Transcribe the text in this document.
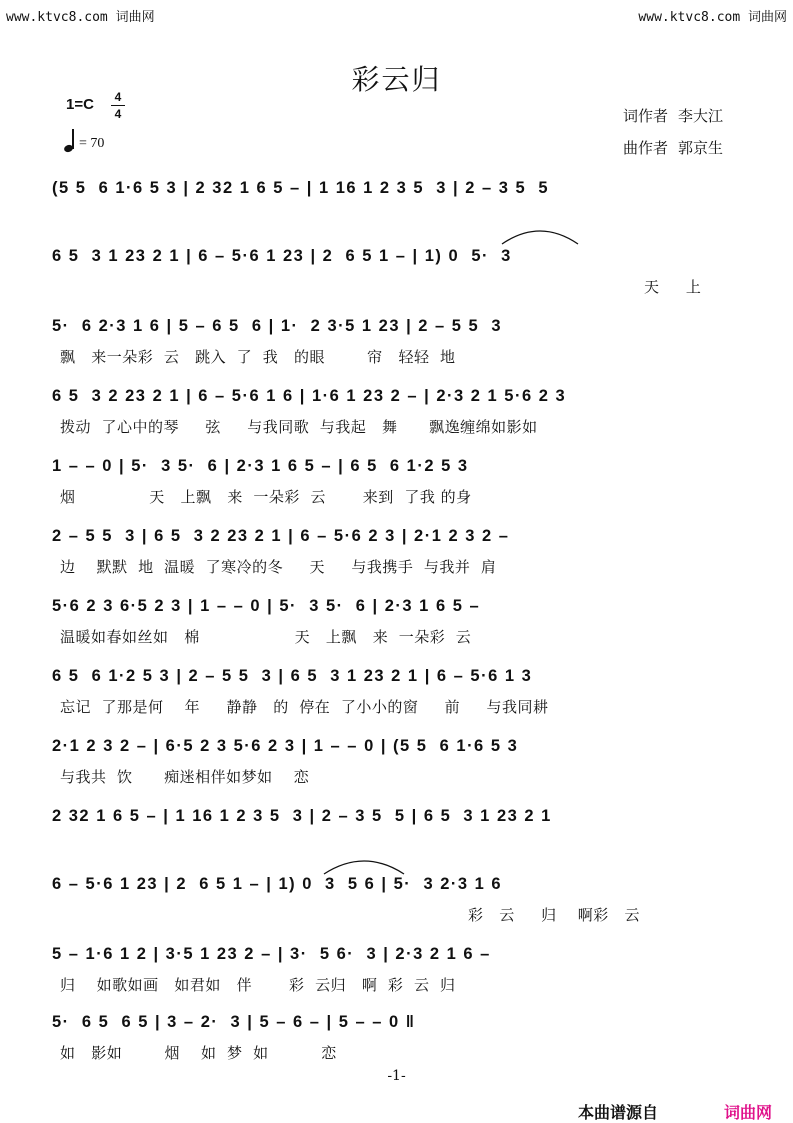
www.ktvc8.com 词曲网	www.ktvc8.com 词曲网
彩云归
1=C	4
4
= 70
词作者 李大江
曲作者 郭京生
(5 5  6 1·6 5 3 | 2 32 1 6 5 – | 1 16 1 2 3 5  3 | 2 – 3 5  5
6 5  3 1 23 2 1 | 6 – 5·6 1 23 | 2  6 5 1 – | 1) 0  5·  3
天     上
5·  6 2·3 1 6 | 5 – 6 5  6 | 1·  2 3·5 1 23 | 2 – 5 5  3
飘   来一朵彩  云   跳入  了  我   的眼        帘   轻轻  地
6 5  3 2 23 2 1 | 6 – 5·6 1 6 | 1·6 1 23 2 – | 2·3 2 1 5·6 2 3
拨动  了心中的琴     弦     与我同歌  与我起   舞      飘逸缠绵如影如
1 – – 0 | 5·  3 5·  6 | 2·3 1 6 5 – | 6 5  6 1·2 5 3
烟              天   上飘   来  一朵彩  云       来到  了我 的身
2 – 5 5  3 | 6 5  3 2 23 2 1 | 6 – 5·6 2 3 | 2·1 2 3 2 –
边    默默  地  温暖  了寒冷的冬     天     与我携手  与我并  肩
5·6 2 3 6·5 2 3 | 1 – – 0 | 5·  3 5·  6 | 2·3 1 6 5 –
温暖如春如丝如   棉                  天   上飘   来  一朵彩  云
6 5  6 1·2 5 3 | 2 – 5 5  3 | 6 5  3 1 23 2 1 | 6 – 5·6 1 3
忘记  了那是何    年     静静   的  停在  了小小的窗     前     与我同耕
2·1 2 3 2 – | 6·5 2 3 5·6 2 3 | 1 – – 0 | (5 5  6 1·6 5 3
与我共  饮      痴迷相伴如梦如    恋
2 32 1 6 5 – | 1 16 1 2 3 5  3 | 2 – 3 5  5 | 6 5  3 1 23 2 1
6 – 5·6 1 23 | 2  6 5 1 – | 1) 0  3  5 6 | 5·  3 2·3 1 6
彩   云     归    啊彩   云
5 – 1·6 1 2 | 3·5 1 23 2 – | 3·  5 6·  3 | 2·3 2 1 6 –
归    如歌如画   如君如   伴       彩  云归   啊  彩  云  归
5·  6 5  6 5 | 3 – 2·  3 | 5 – 6 – | 5 – – 0 ‖
如   影如        烟    如  梦  如          恋
-1-
本曲谱源自	词曲网
